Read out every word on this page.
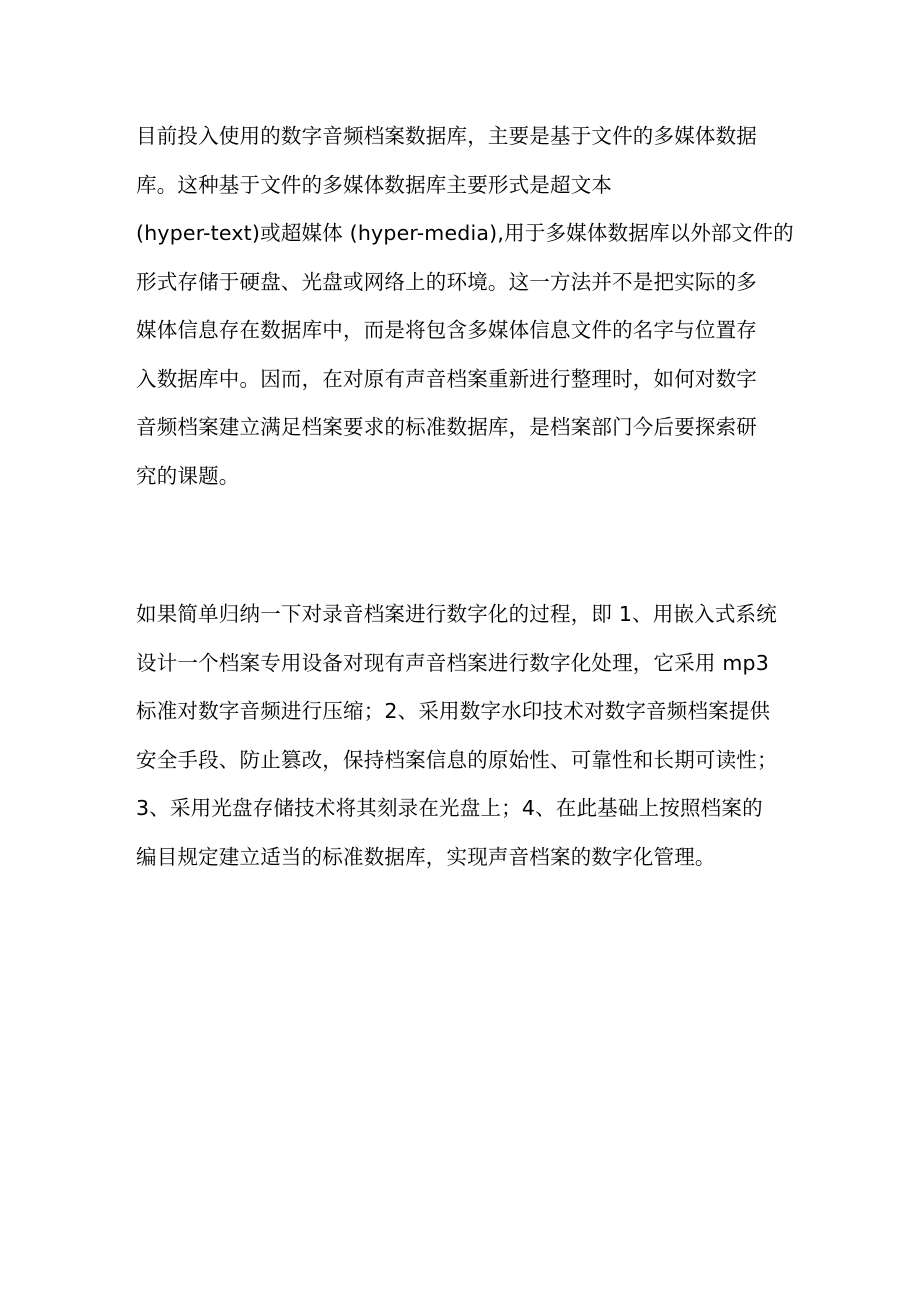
目前投入使用的数字音频档案数据库，主要是基于文件的多媒体数据
库。这种基于文件的多媒体数据库主要形式是超文本
(hyper-text)或超媒体 (hyper-media),用于多媒体数据库以外部文件的
形式存储于硬盘、光盘或网络上的环境。这一方法并不是把实际的多
媒体信息存在数据库中，而是将包含多媒体信息文件的名字与位置存
入数据库中。因而，在对原有声音档案重新进行整理时，如何对数字
音频档案建立满足档案要求的标准数据库，是档案部门今后要探索研
究的课题。
如果简单归纳一下对录音档案进行数字化的过程，即 1、用嵌入式系统
设计一个档案专用设备对现有声音档案进行数字化处理，它采用 mp3
标准对数字音频进行压缩；2、采用数字水印技术对数字音频档案提供
安全手段、防止篡改，保持档案信息的原始性、可靠性和长期可读性；
3、采用光盘存储技术将其刻录在光盘上；4、在此基础上按照档案的
编目规定建立适当的标准数据库，实现声音档案的数字化管理。
